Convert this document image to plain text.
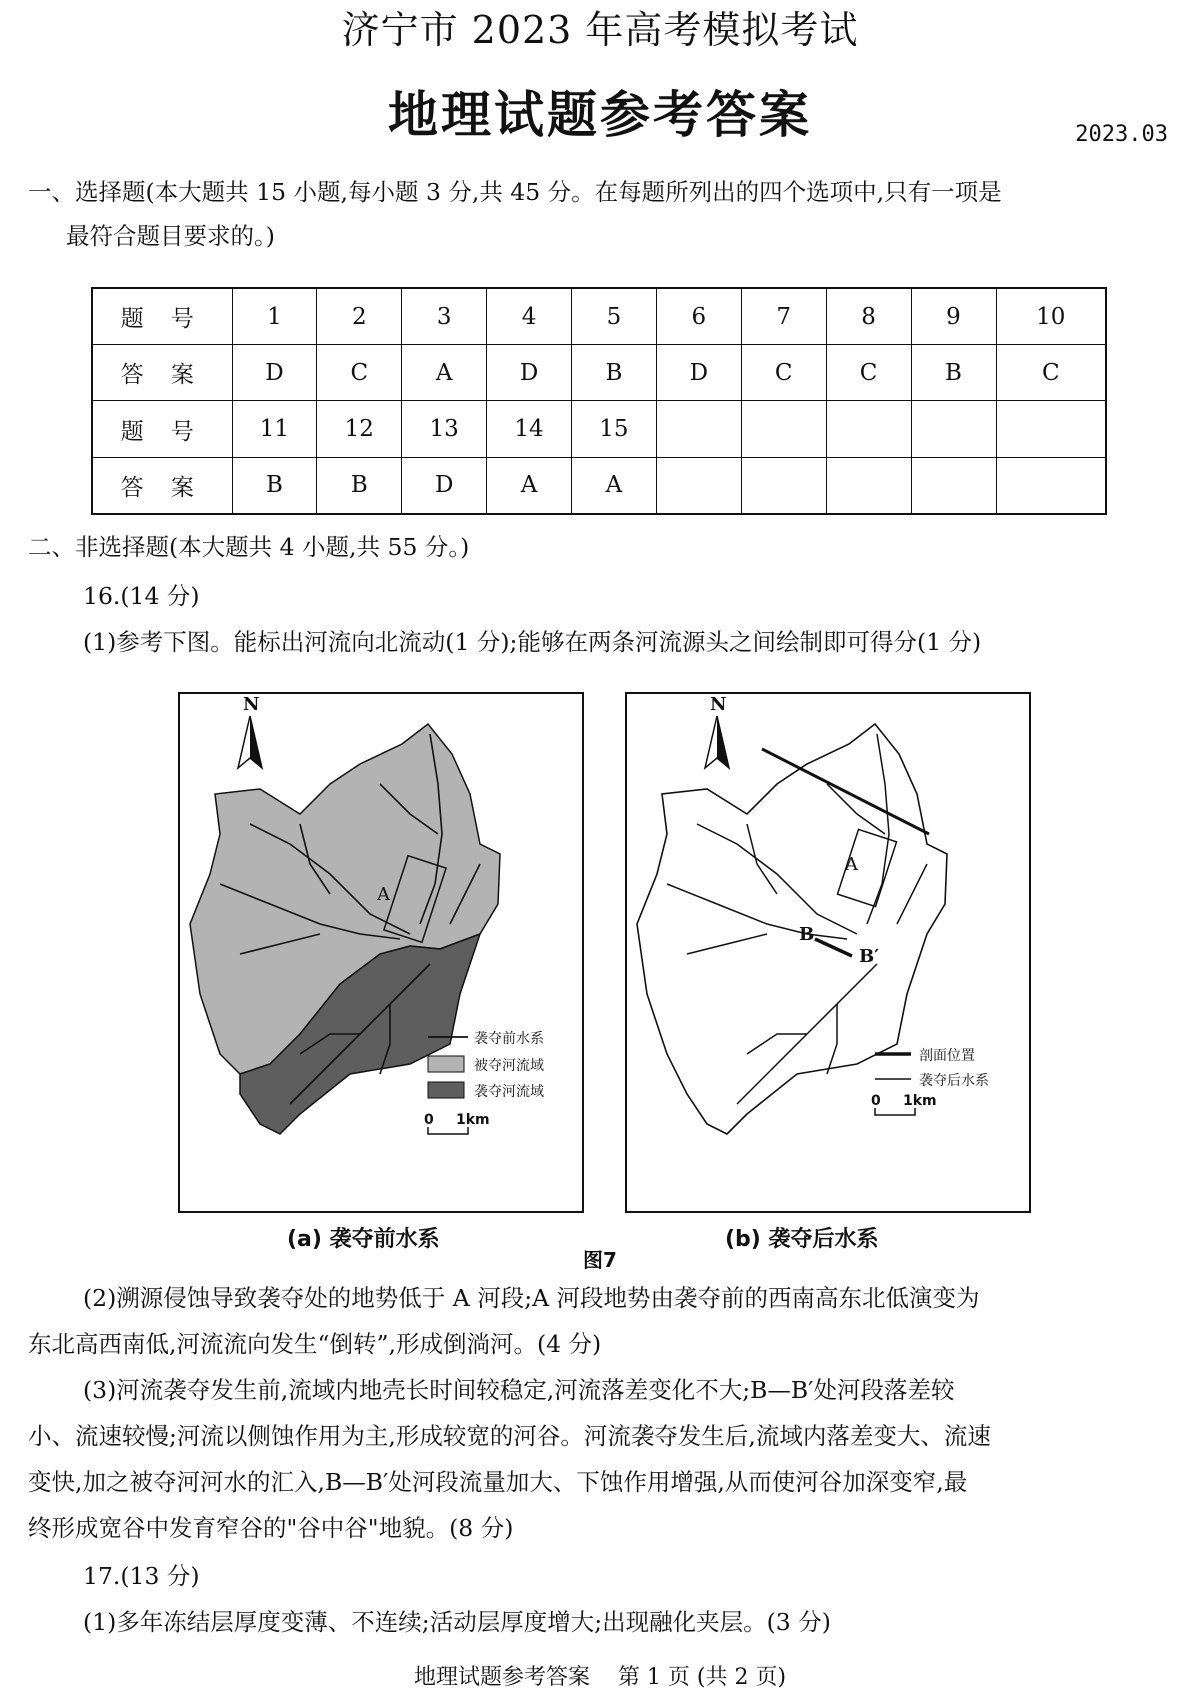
济宁市 2023 年高考模拟考试
地理试题参考答案	2023.03
一、选择题(本大题共 15 小题,每小题 3 分,共 45 分。在每题所列出的四个选项中,只有一项是
最符合题目要求的。)
题 号	1	2	3	4	5	6	7	8	9	10
答 案	D	C	A	D	B	D	C	C	B	C
题 号	11	12	13	14	15					
答 案	B	B	D	A	A					
二、非选择题(本大题共 4 小题,共 55 分。)
16.(14 分)
(1)参考下图。能标出河流向北流动(1 分);能够在两条河流源头之间绘制即可得分(1 分)
N
A
袭夺前水系
被夺河流域
袭夺河流域
0 1km
N
A
B
B′
剖面位置
袭夺后水系
0 1km
(a) 袭夺前水系	(b) 袭夺后水系
图7
(2)溯源侵蚀导致袭夺处的地势低于 A 河段;A 河段地势由袭夺前的西南高东北低演变为
东北高西南低,河流流向发生“倒转”,形成倒淌河。(4 分)
(3)河流袭夺发生前,流域内地壳长时间较稳定,河流落差变化不大;B—B′处河段落差较
小、流速较慢;河流以侧蚀作用为主,形成较宽的河谷。河流袭夺发生后,流域内落差变大、流速
变快,加之被夺河河水的汇入,B—B′处河段流量加大、下蚀作用增强,从而使河谷加深变窄,最
终形成宽谷中发育窄谷的"谷中谷"地貌。(8 分)
17.(13 分)
(1)多年冻结层厚度变薄、不连续;活动层厚度增大;出现融化夹层。(3 分)
地理试题参考答案    第 1 页 (共 2 页)
